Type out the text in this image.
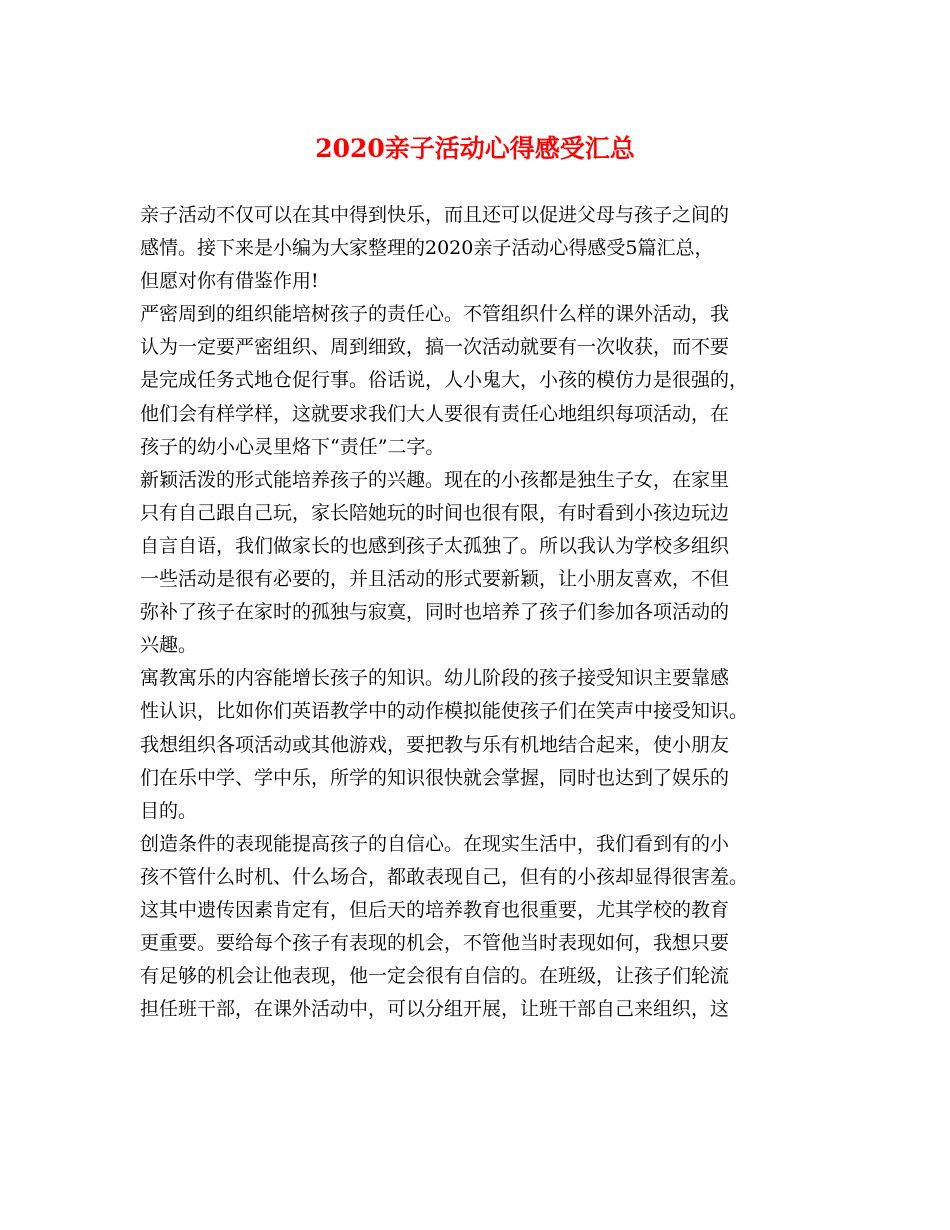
2020亲子活动心得感受汇总
亲子活动不仅可以在其中得到快乐，而且还可以促进父母与孩子之间的
感情。接下来是小编为大家整理的2020亲子活动心得感受5篇汇总，
但愿对你有借鉴作用!
严密周到的组织能培树孩子的责任心。不管组织什么样的课外活动，我
认为一定要严密组织、周到细致，搞一次活动就要有一次收获，而不要
是完成任务式地仓促行事。俗话说，人小鬼大，小孩的模仿力是很强的，
他们会有样学样，这就要求我们大人要很有责任心地组织每项活动，在
孩子的幼小心灵里烙下“责任”二字。
新颖活泼的形式能培养孩子的兴趣。现在的小孩都是独生子女，在家里
只有自己跟自己玩，家长陪她玩的时间也很有限，有时看到小孩边玩边
自言自语，我们做家长的也感到孩子太孤独了。所以我认为学校多组织
一些活动是很有必要的，并且活动的形式要新颖，让小朋友喜欢，不但
弥补了孩子在家时的孤独与寂寞，同时也培养了孩子们参加各项活动的
兴趣。
寓教寓乐的内容能增长孩子的知识。幼儿阶段的孩子接受知识主要靠感
性认识，比如你们英语教学中的动作模拟能使孩子们在笑声中接受知识。
我想组织各项活动或其他游戏，要把教与乐有机地结合起来，使小朋友
们在乐中学、学中乐，所学的知识很快就会掌握，同时也达到了娱乐的
目的。
创造条件的表现能提高孩子的自信心。在现实生活中，我们看到有的小
孩不管什么时机、什么场合，都敢表现自己，但有的小孩却显得很害羞。
这其中遗传因素肯定有，但后天的培养教育也很重要，尤其学校的教育
更重要。要给每个孩子有表现的机会，不管他当时表现如何，我想只要
有足够的机会让他表现，他一定会很有自信的。在班级，让孩子们轮流
担任班干部，在课外活动中，可以分组开展，让班干部自己来组织，这
